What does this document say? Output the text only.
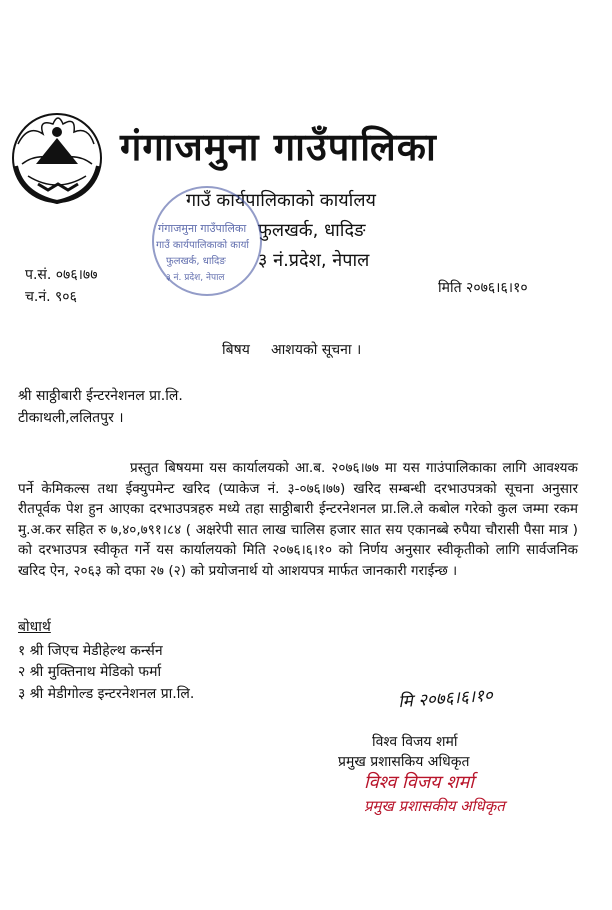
गंगाजमुना गाउँपालिका
गाउँ कार्यपालिकाको कार्यालय
फुलखर्क, धादिङ
३ नं.प्रदेश, नेपाल
गंगाजमुना गाउँपालिका
गाउँ कार्यपालिकाको कार्या
फुलखर्क, धादिङ
३ नं. प्रदेश, नेपाल
प.सं. ०७६।७७
च.नं. ९०६
मिति २०७६।६।१०
बिषय आशयको सूचना ।
श्री साठ्ठीबारी ईन्टरनेशनल प्रा.लि.
टीकाथली,ललितपुर ।
प्रस्तुत बिषयमा यस कार्यालयको आ.ब. २०७६।७७ मा यस गाउंपालिकाका लागि आवश्यक पर्ने केमिकल्स तथा ईक्युपमेन्ट खरिद (प्याकेज नं. ३-०७६।७७) खरिद सम्बन्धी दरभाउपत्रको सूचना अनुसार रीतपूर्वक पेश हुन आएका दरभाउपत्रहरु मध्ये तहा साठ्ठीबारी ईन्टरनेशनल प्रा.लि.ले कबोल गरेको कुल जम्मा रकम मु.अ.कर सहित रु ७,४०,७९१।८४ ( अक्षरेपी सात लाख चालिस हजार सात सय एकानब्बे रुपैया चौरासी पैसा मात्र ) को दरभाउपत्र स्वीकृत गर्ने यस कार्यालयको मिति २०७६।६।१० को निर्णय अनुसार स्वीकृतीको लागि सार्वजनिक खरिद ऐन, २०६३ को दफा २७ (२) को प्रयोजनार्थ यो आशयपत्र मार्फत जानकारी गराईन्छ ।
बोधार्थ
१ श्री जिएच मेडीहेल्थ कर्न्सन
२ श्री मुक्तिनाथ मेडिको फर्मा
३ श्री मेडीगोल्ड इन्टरनेशनल प्रा.लि.	मि २०७६।६।१०
विश्व विजय शर्मा
प्रमुख प्रशासकिय अधिकृत
विश्व विजय शर्मा
प्रमुख प्रशासकीय अधिकृत
